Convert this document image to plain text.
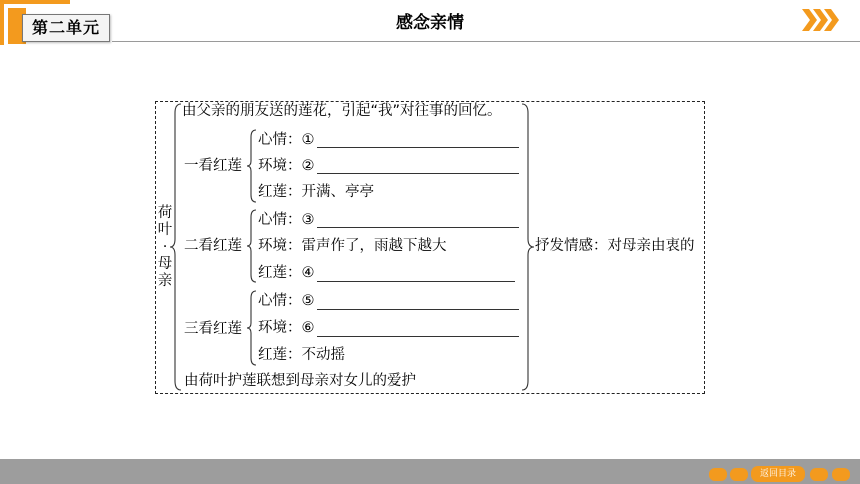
第二单元	感念亲情
荷叶·母亲
由父亲的朋友送的莲花，引起“我”对往事的回忆。
一看红莲
心情：①
环境：②
红莲：开满、亭亭
二看红莲
心情：③
环境：雷声作了，雨越下越大
红莲：④
三看红莲
心情：⑤
环境：⑥
红莲：不动摇
由荷叶护莲联想到母亲对女儿的爱护
抒发情感：对母亲由衷的
返回目录
